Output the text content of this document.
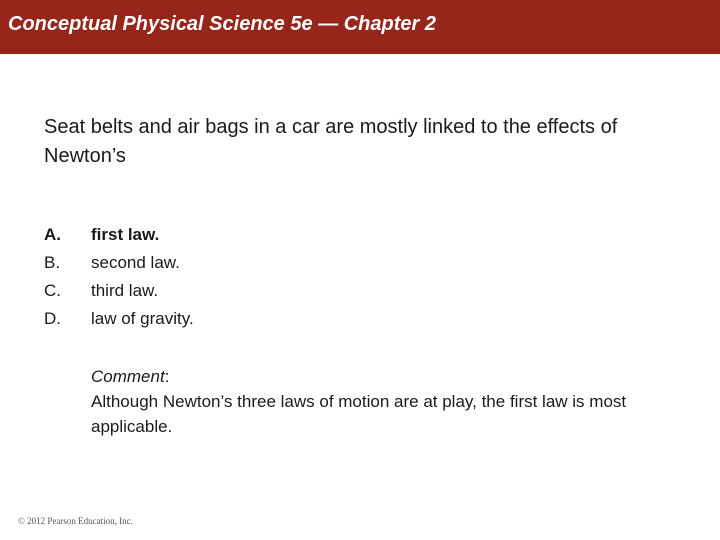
Conceptual Physical Science 5e — Chapter 2
Seat belts and air bags in a car are mostly linked to the effects of Newton’s
A.	first law.
B.	second law.
C.	third law.
D.	law of gravity.
Comment:
Although Newton’s three laws of motion are at play, the first law is most applicable.
© 2012 Pearson Education, Inc.
